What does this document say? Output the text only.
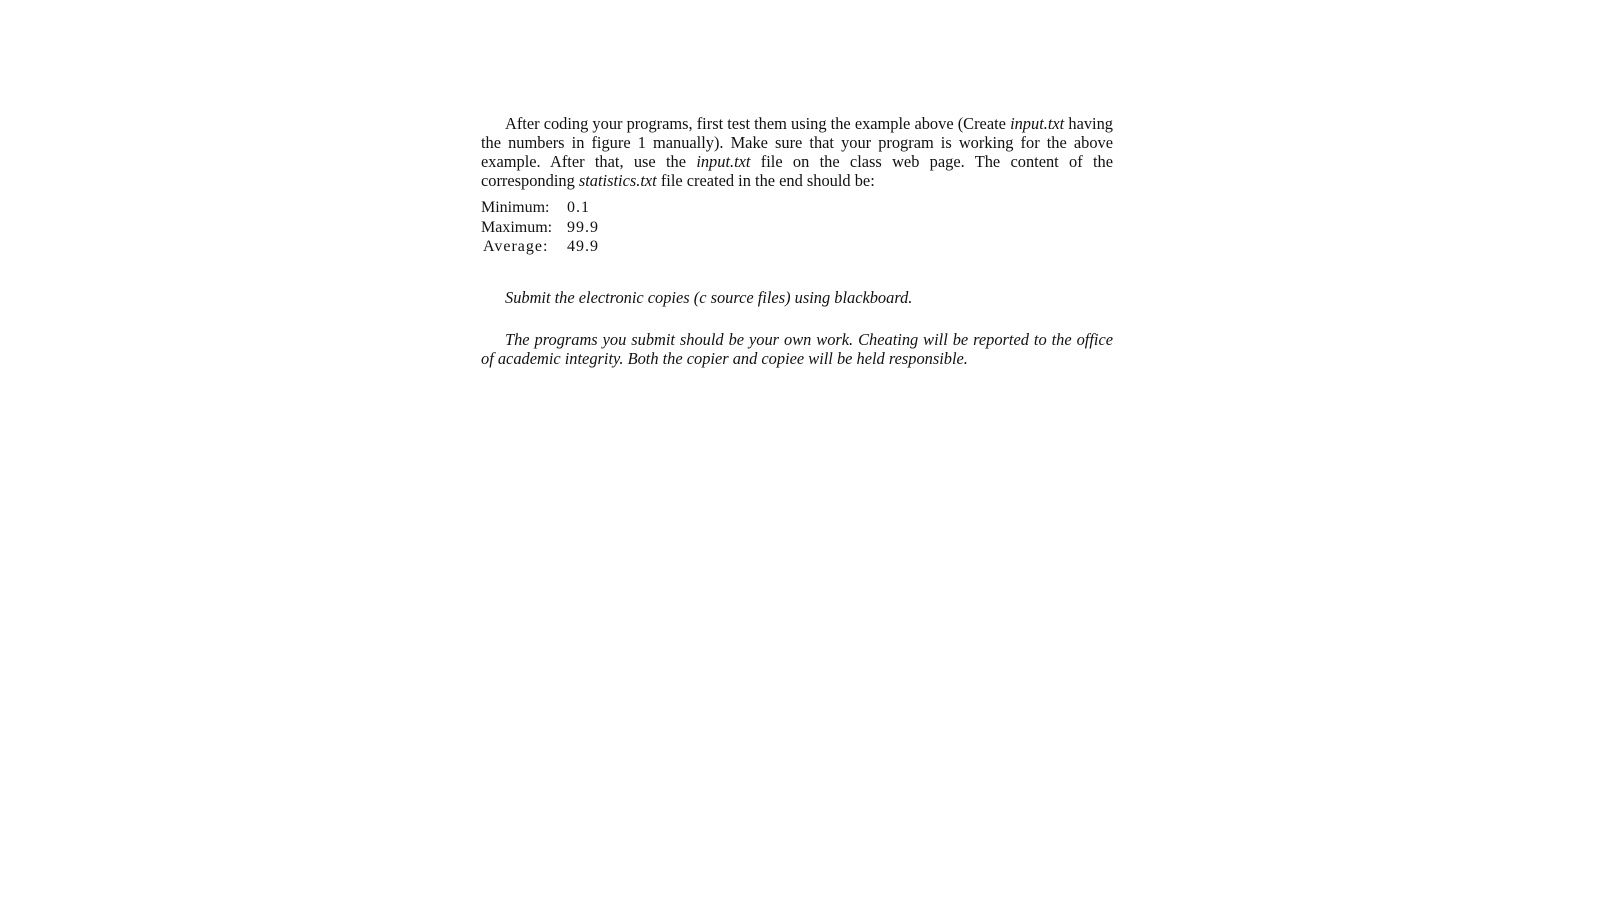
After coding your programs, first test them using the example above (Create input.txt having the numbers in figure 1 manually). Make sure that your program is working for the above example. After that, use the input.txt file on the class web page. The content of the corresponding statistics.txt file created in the end should be:

Minimum:	0.1
Maximum: 99.9
Average:	49.9

Submit the electronic copies (c source files) using blackboard.

The programs you submit should be your own work. Cheating will be reported to the office of academic integrity. Both the copier and copiee will be held responsible.
